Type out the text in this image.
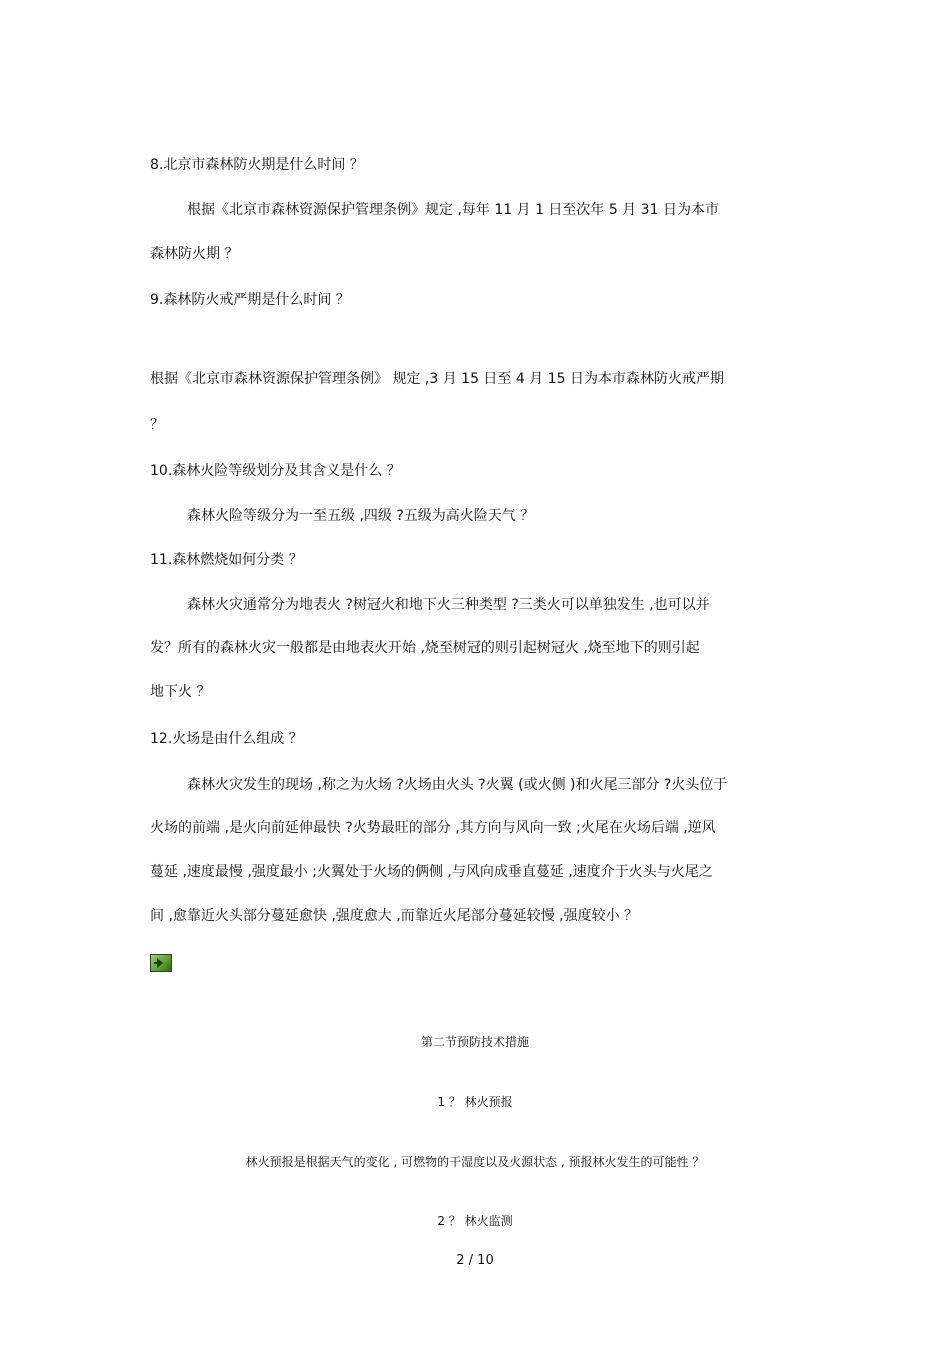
8.北京市森林防火期是什么时间 ？
根据《北京市森林资源保护管理条例》规定 ,每年 11 月 1 日至次年 5 月 31 日为本市
森林防火期 ？
9.森林防火戒严期是什么时间 ？
根据《北京市森林资源保护管理条例》 规定 ,3 月 15 日至 4 月 15 日为本市森林防火戒严期
？
10.森林火险等级划分及其含义是什么 ？
森林火险等级分为一至五级 ,四级 ?五级为高火险天气 ？
11.森林燃烧如何分类 ？
森林火灾通常分为地表火 ?树冠火和地下火三种类型 ?三类火可以单独发生 ,也可以并
发？所有的森林火灾一般都是由地表火开始 ,烧至树冠的则引起树冠火 ,烧至地下的则引起
地下火 ？
12.火场是由什么组成 ？
森林火灾发生的现场 ,称之为火场 ?火场由火头 ?火翼 (或火侧 )和火尾三部分 ?火头位于
火场的前端 ,是火向前延伸最快 ?火势最旺的部分 ,其方向与风向一致 ;火尾在火场后端 ,逆风
蔓延 ,速度最慢 ,强度最小 ;火翼处于火场的俩侧 ,与风向成垂直蔓延 ,速度介于火头与火尾之
间 ,愈靠近火头部分蔓延愈快 ,强度愈大 ,而靠近火尾部分蔓延较慢 ,强度较小 ？
第二节预防技术措施
1 ？ 林火预报
林火预报是根据天气的变化 , 可燃物的干湿度以及火源状态 , 预报林火发生的可能性 ？
2 ？ 林火监测
2 / 10
